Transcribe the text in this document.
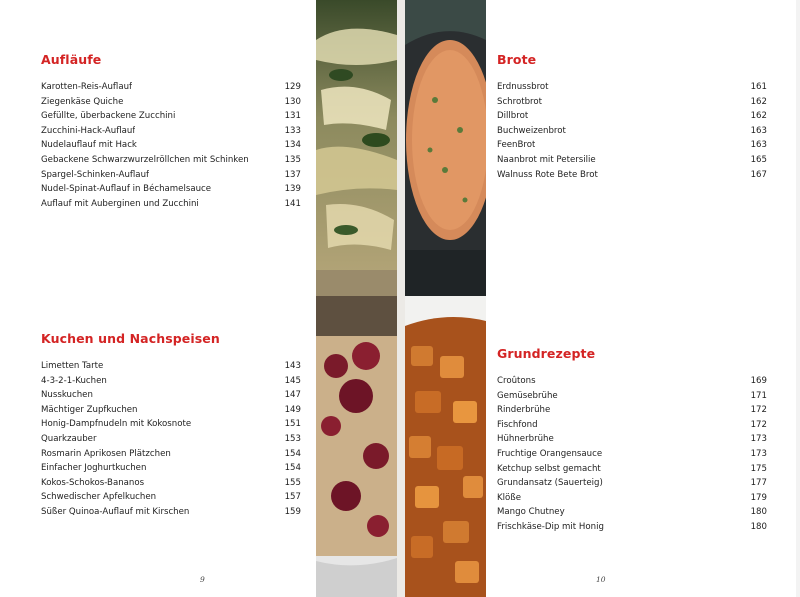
Aufläufe
Karotten-Reis-Auflauf	129
Ziegenkäse Quiche	130
Gefüllte, überbackene Zucchini	131
Zucchini-Hack-Auflauf	133
Nudelauflauf mit Hack	134
Gebackene Schwarzwurzelröllchen mit Schinken	135
Spargel-Schinken-Auflauf	137
Nudel-Spinat-Auflauf in Béchamelsauce	139
Auflauf mit Auberginen und Zucchini	141
Kuchen und Nachspeisen
Limetten Tarte	143
4-3-2-1-Kuchen	145
Nusskuchen	147
Mächtiger Zupfkuchen	149
Honig-Dampfnudeln mit Kokosnote	151
Quarkzauber	153
Rosmarin Aprikosen Plätzchen	154
Einfacher Joghurtkuchen	154
Kokos-Schokos-Bananos	155
Schwedischer Apfelkuchen	157
Süßer Quinoa-Auflauf mit Kirschen	159
9
Brote
Erdnussbrot	161
Schrotbrot	162
Dillbrot	162
Buchweizenbrot	163
FeenBrot	163
Naanbrot mit Petersilie	165
Walnuss Rote Bete Brot	167
Grundrezepte
Croûtons	169
Gemüsebrühe	171
Rinderbrühe	172
Fischfond	172
Hühnerbrühe	173
Fruchtige Orangensauce	173
Ketchup selbst gemacht	175
Grundansatz (Sauerteig)	177
Klöße	179
Mango Chutney	180
Frischkäse-Dip mit Honig	180
10
